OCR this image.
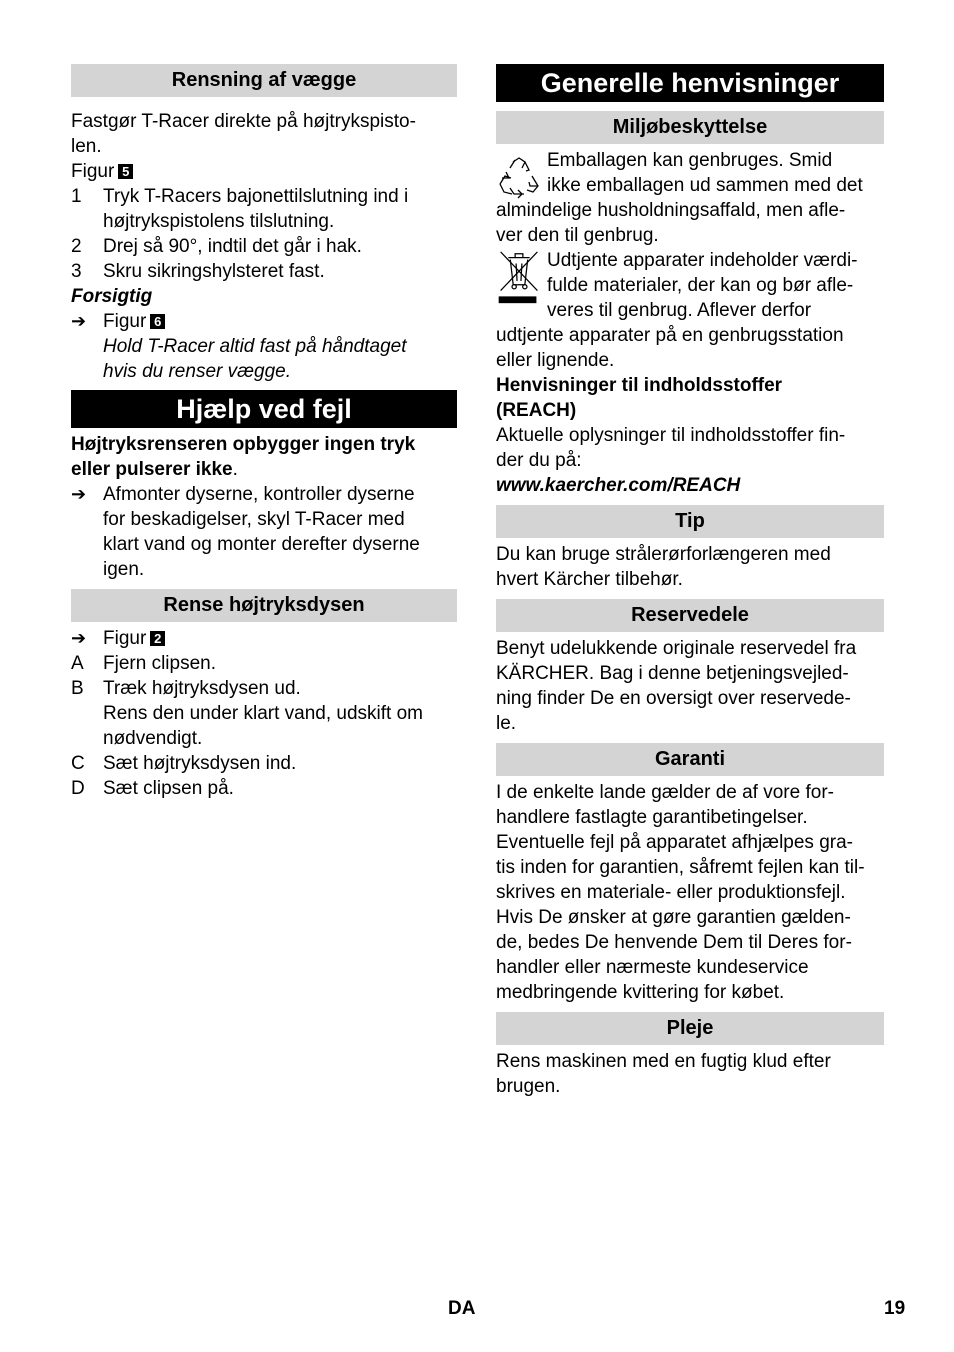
Rensning af vægge

Fastgør T-Racer direkte på højtrykspisto-

len.

Figur 5

1	Tryk T-Racers bajonettilslutning ind i
højtrykspistolens tilslutning.
2	Drej så 90°, indtil det går i hak.
3	Skru sikringshylsteret fast.

Forsigtig

➔ Figur 6
Hold T-Racer altid fast på håndtaget
hvis du renser vægge.
Hjælp ved fejl

Højtryksrenseren opbygger ingen tryk

eller pulserer ikke.

➔ Afmonter dyserne, kontroller dyserne
for beskadigelser, skyl T-Racer med
klart vand og monter derefter dyserne
igen.
Rense højtryksdysen
➔ Figur 2
A	Fjern clipsen.
B	Træk højtryksdysen ud.
Rens den under klart vand, udskift om
nødvendigt.
C Sæt højtryksdysen ind.
D Sæt clipsen på.
Generelle henvisninger
Miljøbeskyttelse

Emballagen kan genbruges. Smid

ikke emballagen ud sammen med det

almindelige husholdningsaffald, men afle-

ver den til genbrug.

Udtjente apparater indeholder værdi-

fulde materialer, der kan og bør afle-

veres til genbrug. Aflever derfor

udtjente apparater på en genbrugsstation

eller lignende.

Henvisninger til indholdsstoffer

(REACH)

Aktuelle oplysninger til indholdsstoffer fin-

der du på:

www.kaercher.com/REACH

Tip

Du kan bruge strålerørforlængeren med

hvert Kärcher tilbehør.

Reservedele

Benyt udelukkende originale reservedel fra

KÄRCHER. Bag i denne betjeningsvejled-

ning finder De en oversigt over reservede-

le.

Garanti

I de enkelte lande gælder de af vore for-

handlere fastlagte garantibetingelser.

Eventuelle fejl på apparatet afhjælpes gra-

tis inden for garantien, såfremt fejlen kan til-

skrives en materiale- eller produktionsfejl.

Hvis De ønsker at gøre garantien gælden-

de, bedes De henvende Dem til Deres for-

handler eller nærmeste kundeservice

medbringende kvittering for købet.

Pleje

Rens maskinen med en fugtig klud efter

brugen.

DA	19
